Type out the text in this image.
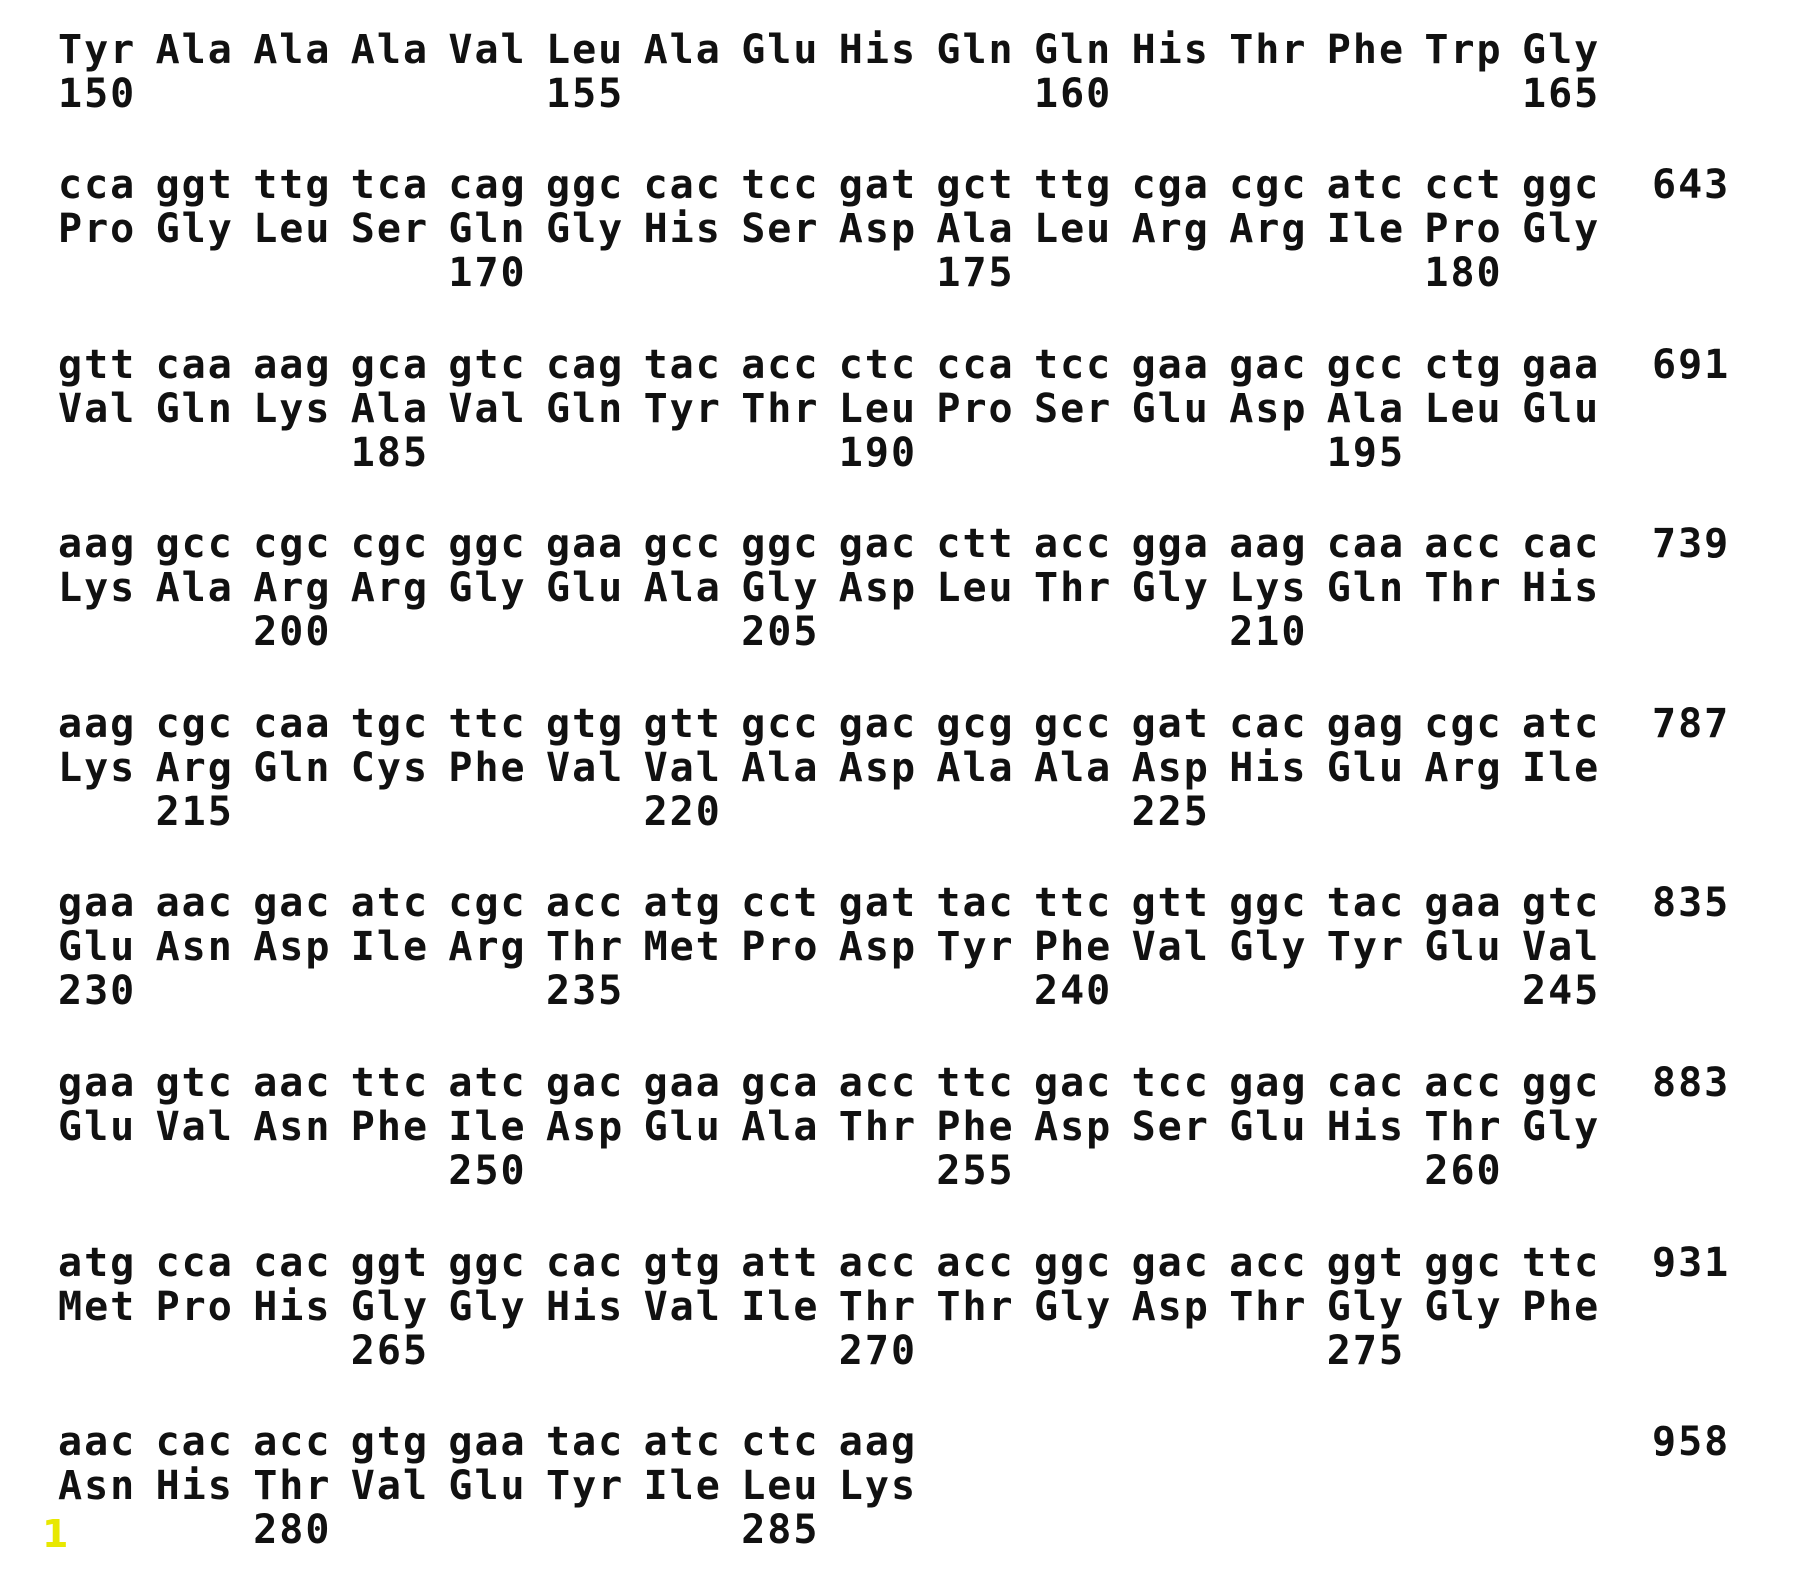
Tyr Ala Ala Ala Val Leu Ala Glu His Gln Gln His Thr Phe Trp Gly
150	155	160	165
cca ggt ttg tca cag ggc cac tcc gat gct ttg cga cgc atc cct ggc 643
Pro Gly Leu Ser Gln Gly His Ser Asp Ala Leu Arg Arg Ile Pro Gly
170	175	180
gtt caa aag gca gtc cag tac acc ctc cca tcc gaa gac gcc ctg gaa 691
Val Gln Lys Ala Val Gln Tyr Thr Leu Pro Ser Glu Asp Ala Leu Glu
185	190	195
aag gcc cgc cgc ggc gaa gcc ggc gac ctt acc gga aag caa acc cac 739
Lys Ala Arg Arg Gly Glu Ala Gly Asp Leu Thr Gly Lys Gln Thr His
200	205	210
aag cgc caa tgc ttc gtg gtt gcc gac gcg gcc gat cac gag cgc atc 787
Lys Arg Gln Cys Phe Val Val Ala Asp Ala Ala Asp His Glu Arg Ile
215	220	225
gaa aac gac atc cgc acc atg cct gat tac ttc gtt ggc tac gaa gtc 835
Glu Asn Asp Ile Arg Thr Met Pro Asp Tyr Phe Val Gly Tyr Glu Val
230	235	240	245
gaa gtc aac ttc atc gac gaa gca acc ttc gac tcc gag cac acc ggc 883
Glu Val Asn Phe Ile Asp Glu Ala Thr Phe Asp Ser Glu His Thr Gly
250	255	260
atg cca cac ggt ggc cac gtg att acc acc ggc gac acc ggt ggc ttc 931
Met Pro His Gly Gly His Val Ile Thr Thr Gly Asp Thr Gly Gly Phe
265	270	275
aac cac acc gtg gaa tac atc ctc aag	958
Asn His Thr Val Glu Tyr Ile Leu Lys
280	285
1
